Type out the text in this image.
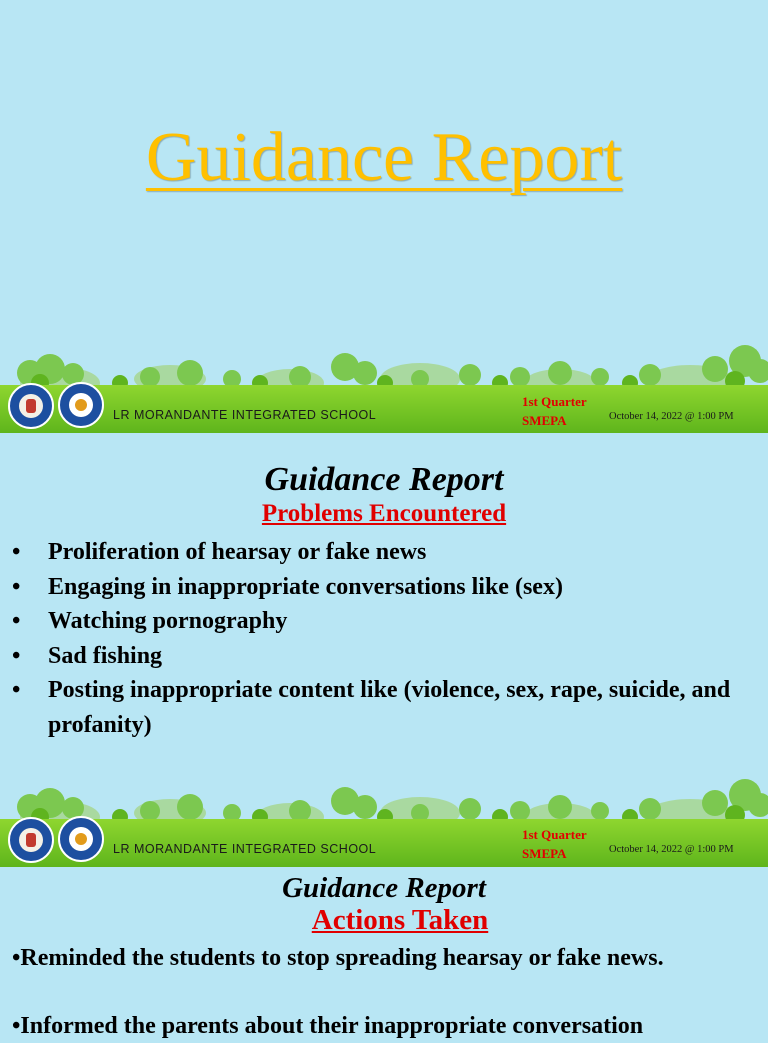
Guidance Report
LR MORANDANTE INTEGRATED SCHOOL
1st Quarter
SMEPA	October 14, 2022 @ 1:00 PM
Guidance Report
Problems Encountered
• Proliferation of hearsay or fake news
• Engaging in inappropriate conversations like (sex)
• Watching pornography
• Sad fishing
• Posting inappropriate content like (violence, sex, rape, suicide, and profanity)
LR MORANDANTE INTEGRATED SCHOOL
1st Quarter
SMEPA	October 14, 2022 @ 1:00 PM
Guidance Report
Actions Taken

•Reminded the students to stop spreading hearsay or fake news.

•Informed the parents about their inappropriate conversation
